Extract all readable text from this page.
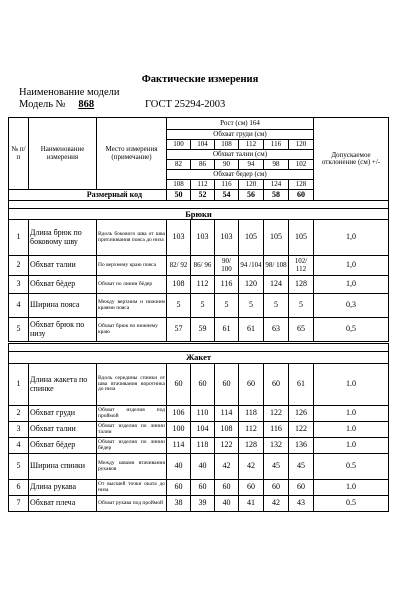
Фактические измерения
Наименование модели
Модель № 868	ГОСТ 25294-2003
№ п/п	Наименование измерения	Место измерения (примечание)	Рост (см) 164						Допускаемое отклонение (см) +/-
			Обхват груди (см)						
			100	104	108	112	116	120	
			Обхват талии (см)						
			82	86	90	94	98	102	
			Обхват бедер (см)						
			108	112	116	120	124	128	
Размерный код			50	52	54	56	58	60	

Брюки									
1	Длина брюк по боковому шву	Вдоль бокового шва от шва притачивания пояса до низа	103	103	103	105	105	105	1,0
2	Обхват талии	По верхнему краю пояса	82/ 92	86/ 96	90/ 100	94 /104	98/ 108	102/ 112	1,0
3	Обхват бёдер	Обхват по линии бёдер	108	112	116	120	124	128	1,0
4	Ширина пояса	Между верхним и нижним краями пояса	5	5	5	5	5	5	0,3
5	Обхват брюк по низу	Обхват брюк по нижнему краю	57	59	61	61	63	65	0,5

Жакет									
1	Длина жакета по спинке	Вдоль середины спинки от шва втачивания воротника до низа	60	60	60	60	60	61	1.0
2	Обхват груди	Обхват изделия под проймой	106	110	114	118	122	126	1.0
3	Обхват талии	Обхват изделия по линии талии	100	104	108	112	116	122	1.0
4	Обхват бёдер	Обхват изделия по линии бёдер	114	118	122	128	132	136	1.0
5	Ширина спинки	Между швами втачивания рукавов	40	40	42	42	45	45	0.5
6	Длина рукава	От высшей точки оката до низа	60	60	60	60	60	60	1.0
7	Обхват плеча	Обхват рукава под проймой	38	39	40	41	42	43	0.5
